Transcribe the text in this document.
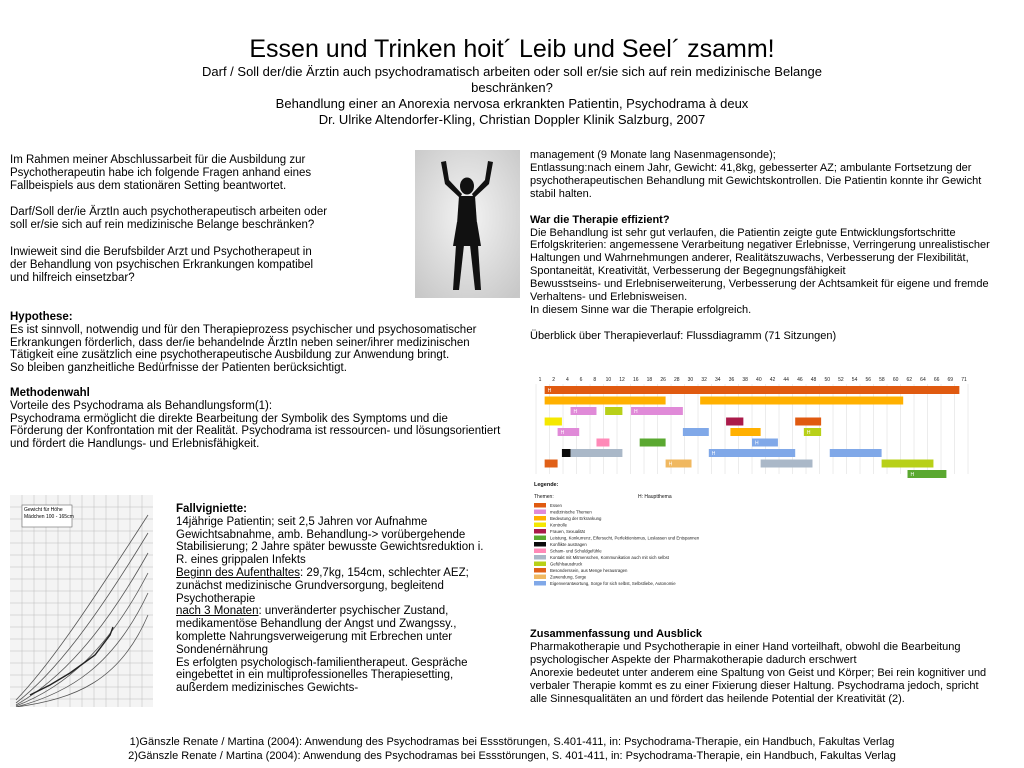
Essen und Trinken hoit´ Leib und Seel´ zsamm!
Darf / Soll der/die Ärztin auch psychodramatisch arbeiten oder soll er/sie sich auf rein medizinische Belange
beschränken?
Behandlung einer an Anorexia nervosa erkrankten Patientin, Psychodrama à deux
Dr. Ulrike Altendorfer-Kling, Christian Doppler Klinik Salzburg, 2007

Im Rahmen meiner Abschlussarbeit für die Ausbildung zur

Psychotherapeutin habe ich folgende Fragen anhand eines

Fallbeispiels aus dem stationären Setting beantwortet.

Darf/Soll der/ie ÄrztIn auch psychotherapeutisch arbeiten oder

soll er/sie sich auf rein medizinische Belange beschränken?

Inwieweit sind die Berufsbilder Arzt und Psychotherapeut in

der Behandlung von psychischen Erkrankungen kompatibel

und hilfreich einsetzbar?

Hypothese:

Es ist sinnvoll, notwendig und für den Therapieprozess psychischer und psychosomatischer

Erkrankungen förderlich, dass der/ie behandelnde ÄrztIn neben seiner/ihrer medizinischen

Tätigkeit eine zusätzlich eine psychotherapeutische Ausbildung zur Anwendung bringt.

So bleiben ganzheitliche Bedürfnisse der Patienten berücksichtigt.

Methodenwahl

Vorteile des Psychodrama als Behandlungsform(1):

Psychodrama ermöglicht die direkte Bearbeitung der Symbolik des Symptoms und die

Förderung der Konfrontation mit der Realität. Psychodrama ist ressourcen- und lösungsorientiert

und fördert die Handlungs- und Erlebnisfähigkeit.

Gewicht für Höhe
Mädchen 100 - 165cm

Fallvigniette:

14jährige Patientin; seit 2,5 Jahren vor Aufnahme

Gewichtsabnahme, amb. Behandlung-> vorübergehende

Stabilisierung; 2 Jahre später bewusste Gewichtsreduktion i.

R. eines grippalen Infekts

Beginn des Aufenthaltes: 29,7kg, 154cm, schlechter AEZ;

zunächst medizinische Grundversorgung, begleitend

Psychotherapie

nach 3 Monaten: unveränderter psychischer Zustand,

medikamentöse Behandlung der Angst und Zwangssy.,

komplette Nahrungsverweigerung mit Erbrechen unter

Sondenérnährung

Es erfolgten psychologisch-familientherapeut. Gespräche

eingebettet in ein multiprofessionelles Therapiesetting,

außerdem medizinisches Gewichts-

management (9 Monate lang Nasenmagensonde);

Entlassung:nach einem Jahr, Gewicht: 41,8kg, gebesserter AZ; ambulante Fortsetzung der

psychotherapeutischen Behandlung mit Gewichtskontrollen. Die Patientin konnte ihr Gewicht

stabil halten.

War die Therapie effizient?

Die Behandlung ist sehr gut verlaufen, die Patientin zeigte gute Entwicklungsfortschritte

Erfolgskriterien: angemessene Verarbeitung negativer Erlebnisse, Verringerung unrealistischer

Haltungen und Wahrnehmungen anderer, Realitätszuwachs, Verbesserung der Flexibilität,

Spontaneität, Kreativität, Verbesserung der Begegnungsfähigkeit

Bewusstseins- und Erlebniserweiterung, Verbesserung der Achtsamkeit für eigene und fremde

Verhaltens- und Erlebnisweisen.

In diesem Sinne war die Therapie erfolgreich.

Überblick über Therapieverlauf: Flussdiagramm (71 Sitzungen)

1 2 4 6 8 10 12 16 18 26 28 30 32 34 36 38 40 42 44 46 48 50 52 54 56 58 60 62 64 66 69 71
H
H	H
H	H
H
H
H
H
Legende:
Themen:	H: Hauptthema
Essen
medizinische Themen
Bedeutung der Erkrankung
Kontrolle
Frauen, Sexualität
Leistung, Konkurrenz, Eifersucht, Perfektionismus, Loslassen und Entspannen
Konflikte austragen
Scham- und Schuldgefühle
Kontakt mit Mitmenschen, Kommunikation auch mit sich selbst
Gefühlsausdruck
Besonderssein, aus Menge herausragen
Zuwendung, Sorge
Eigenverantwortung, Sorge für sich selbst, Selbstliebe, Autonomie

Zusammenfassung und Ausblick

Pharmakotherapie und Psychotherapie in einer Hand vorteilhaft, obwohl die Bearbeitung

psychologischer Aspekte der Pharmakotherapie dadurch erschwert

Anorexie bedeutet unter anderem eine Spaltung von Geist und Körper; Bei rein kognitiver und

verbaler Therapie kommt es zu einer Fixierung dieser Haltung. Psychodrama jedoch, spricht

alle Sinnesqualitäten an und fördert das heilende Potential der Kreativität (2).

1)Gänszle Renate / Martina (2004): Anwendung des Psychodramas bei Essstörungen, S.401-411, in: Psychodrama-Therapie, ein Handbuch, Fakultas Verlag
2)Gänszle Renate / Martina (2004): Anwendung des Psychodramas bei Essstörungen, S. 401-411, in: Psychodrama-Therapie, ein Handbuch, Fakultas Verlag
